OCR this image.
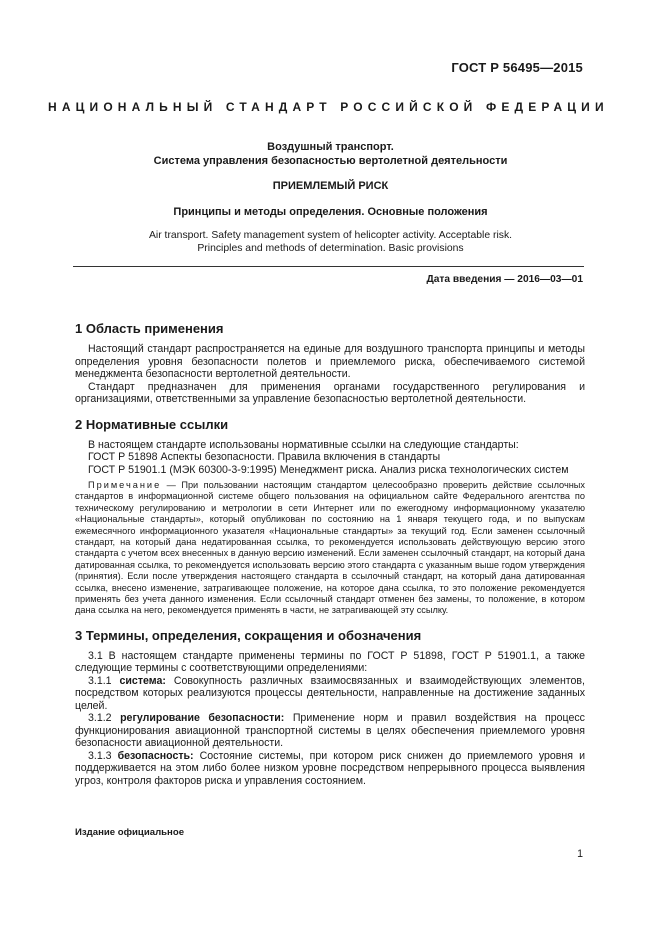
ГОСТ Р 56495—2015
НАЦИОНАЛЬНЫЙ СТАНДАРТ РОССИЙСКОЙ ФЕДЕРАЦИИ
Воздушный транспорт.
Система управления безопасностью вертолетной деятельности
ПРИЕМЛЕМЫЙ РИСК
Принципы и методы определения. Основные положения
Air transport. Safety management system of helicopter activity. Acceptable risk.
Principles and methods of determination. Basic provisions
Дата введения — 2016—03—01
1 Область применения

Настоящий стандарт распространяется на единые для воздушного транспорта принципы и методы определения уровня безопасности полетов и приемлемого риска, обеспечиваемого системой менеджмента безопасности вертолетной деятельности.

Стандарт предназначен для применения органами государственного регулирования и организациями, ответственными за управление безопасностью вертолетной деятельности.

2 Нормативные ссылки

В настоящем стандарте использованы нормативные ссылки на следующие стандарты:

ГОСТ Р 51898 Аспекты безопасности. Правила включения в стандарты

ГОСТ Р 51901.1 (МЭК 60300-3-9:1995) Менеджмент риска. Анализ риска технологических систем

Примечание — При пользовании настоящим стандартом целесообразно проверить действие ссылочных стандартов в информационной системе общего пользования на официальном сайте Федерального агентства по техническому регулированию и метрологии в сети Интернет или по ежегодному информационному указателю «Национальные стандарты», который опубликован по состоянию на 1 января текущего года, и по выпускам ежемесячного информационного указателя «Национальные стандарты» за текущий год. Если заменен ссылочный стандарт, на который дана недатированная ссылка, то рекомендуется использовать действующую версию этого стандарта с учетом всех внесенных в данную версию изменений. Если заменен ссылочный стандарт, на который дана датированная ссылка, то рекомендуется использовать версию этого стандарта с указанным выше годом утверждения (принятия). Если после утверждения настоящего стандарта в ссылочный стандарт, на который дана датированная ссылка, внесено изменение, затрагивающее положение, на которое дана ссылка, то это положение рекомендуется применять без учета данного изменения. Если ссылочный стандарт отменен без замены, то положение, в котором дана ссылка на него, рекомендуется применять в части, не затрагивающей эту ссылку.

3 Термины, определения, сокращения и обозначения

3.1 В настоящем стандарте применены термины по ГОСТ Р 51898, ГОСТ Р 51901.1, а также следующие термины с соответствующими определениями:

3.1.1 система: Совокупность различных взаимосвязанных и взаимодействующих элементов, посредством которых реализуются процессы деятельности, направленные на достижение заданных целей.

3.1.2 регулирование безопасности: Применение норм и правил воздействия на процесс функционирования авиационной транспортной системы в целях обеспечения приемлемого уровня безопасности авиационной деятельности.

3.1.3 безопасность: Состояние системы, при котором риск снижен до приемлемого уровня и поддерживается на этом либо более низком уровне посредством непрерывного процесса выявления угроз, контроля факторов риска и управления состоянием.

Издание официальное
1
